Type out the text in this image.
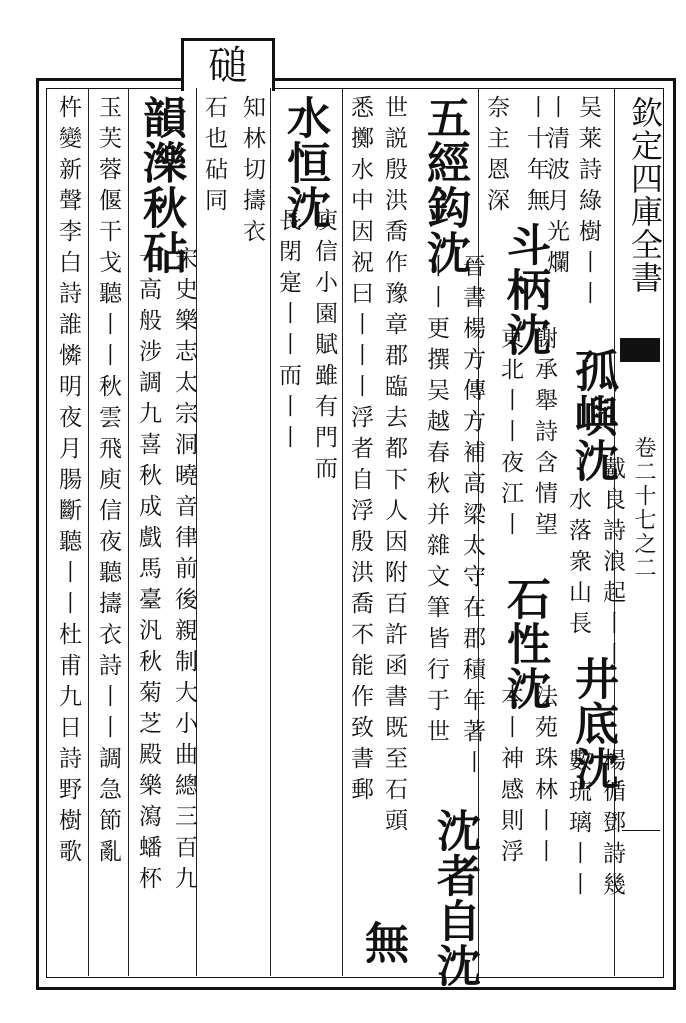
磓
欽定四庫全書
卷二十七之二
吴莱詩綠樹丨丨
孤嶼沈
戴良詩浪起丨丨
井底沈
楊循鄧詩幾
丨清波月光爛
丨水落衆山長
數琉璃丨丨
丨十年無
斗柄沈
謝承舉詩含情望
石性沈
法苑珠林丨丨
奈主恩深
東北丨丨夜江丨
本丨神感則浮
五經鈎沈
晉書楊方傳方補高梁太守在郡積年著丨
沈者自沈
丨丨更撰吴越春秋并雜文筆皆行于世
世説殷洪喬作豫章郡臨去都下人因附百許函書既至石頭
悉擲水中因祝曰丨丨丨浮者自浮殷洪喬不能作致書郵
無
水恒沈
庾信小園賦雖有門而
長閉寔丨丨而丨丨
知林切擣衣
石也砧同
韻濼秋砧
宋史樂志太宗洞曉音律前後親制大小曲總三百九
十高般涉調九喜秋成戲馬臺汎秋菊芝殿樂瀉蟠杯
玉芙蓉偃干戈聽丨丨秋雲飛庾信夜聽擣衣詩丨丨調急節亂
杵變新聲李白詩誰憐明夜月腸斷聽丨丨杜甫九日詩野樹歌
